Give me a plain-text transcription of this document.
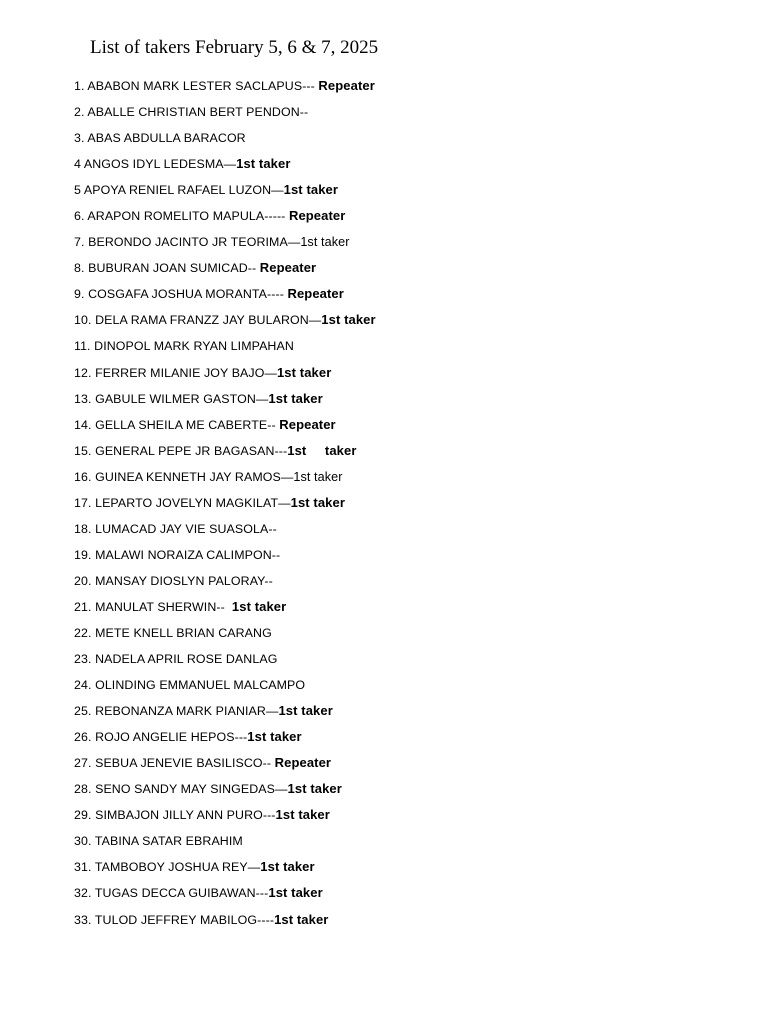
List of takers February 5, 6 & 7, 2025
1. ABABON MARK LESTER SACLAPUS--- Repeater
2. ABALLE CHRISTIAN BERT PENDON--
3. ABAS ABDULLA BARACOR
4 ANGOS IDYL LEDESMA—1st taker
5 APOYA RENIEL RAFAEL LUZON—1st taker
6. ARAPON ROMELITO MAPULA----- Repeater
7. BERONDO JACINTO JR TEORIMA—1st taker
8. BUBURAN JOAN SUMICAD-- Repeater
9. COSGAFA JOSHUA MORANTA---- Repeater
10. DELA RAMA FRANZZ JAY BULARON—1st taker
11. DINOPOL MARK RYAN LIMPAHAN
12. FERRER MILANIE JOY BAJO—1st taker
13. GABULE WILMER GASTON—1st taker
14. GELLA SHEILA ME CABERTE-- Repeater
15. GENERAL PEPE JR BAGASAN---1st     taker
16. GUINEA KENNETH JAY RAMOS—1st taker
17. LEPARTO JOVELYN MAGKILAT—1st taker
18. LUMACAD JAY VIE SUASOLA--
19. MALAWI NORAIZA CALIMPON--
20. MANSAY DIOSLYN PALORAY--
21. MANULAT SHERWIN--  1st taker
22. METE KNELL BRIAN CARANG
23. NADELA APRIL ROSE DANLAG
24. OLINDING EMMANUEL MALCAMPO
25. REBONANZA MARK PIANIAR—1st taker
26. ROJO ANGELIE HEPOS---1st taker
27. SEBUA JENEVIE BASILISCO-- Repeater
28. SENO SANDY MAY SINGEDAS—1st taker
29. SIMBAJON JILLY ANN PURO---1st taker
30. TABINA SATAR EBRAHIM
31. TAMBOBOY JOSHUA REY—1st taker
32. TUGAS DECCA GUIBAWAN---1st taker
33. TULOD JEFFREY MABILOG----1st taker
